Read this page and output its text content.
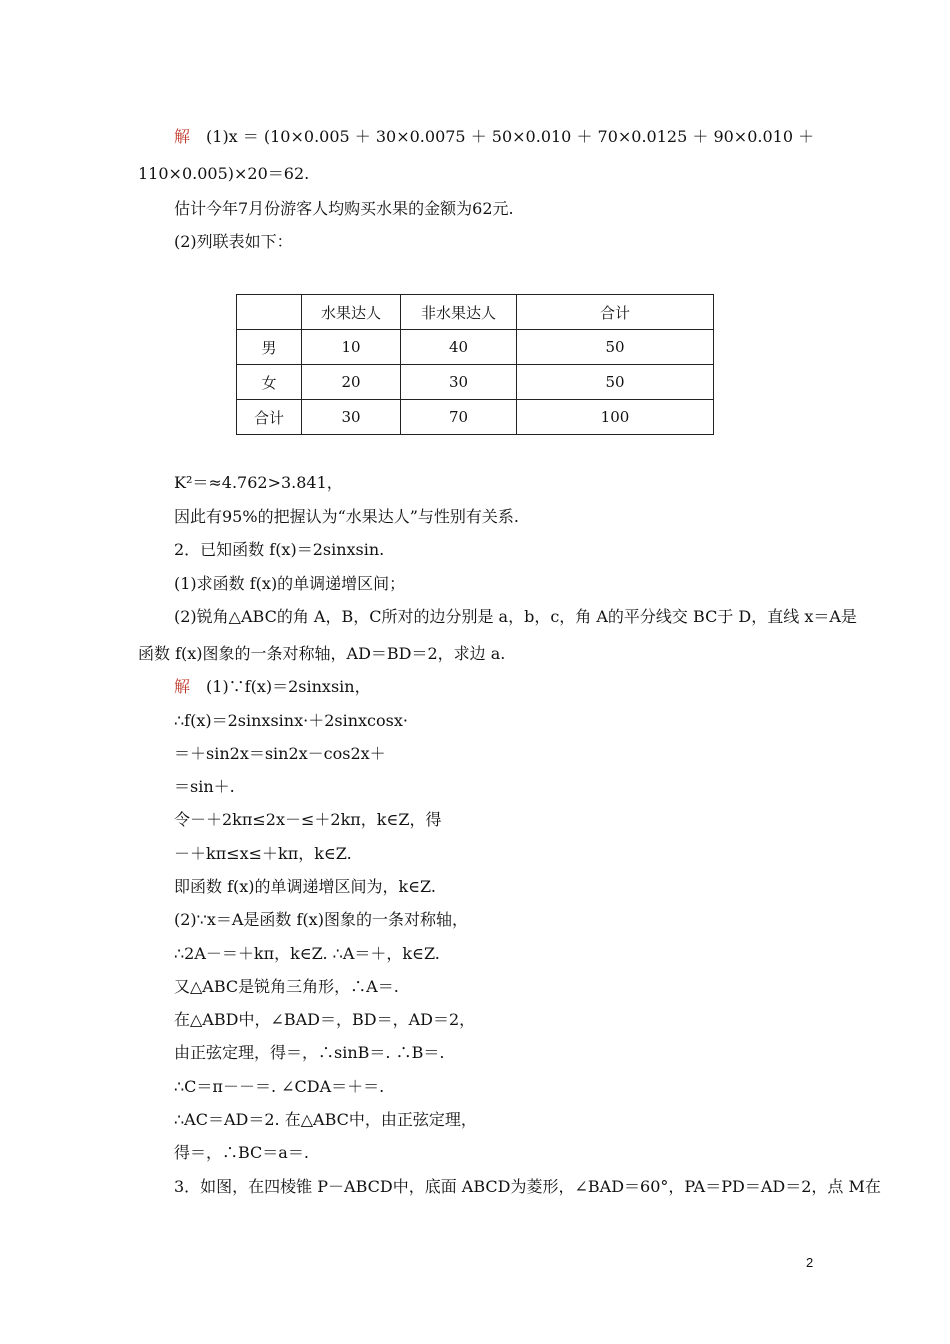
解　(1)x ＝ (10×0.005 ＋ 30×0.0075 ＋ 50×0.010 ＋ 70×0.0125 ＋ 90×0.010 ＋
110×0.005)×20＝62.
估计今年7月份游客人均购买水果的金额为62元.
(2)列联表如下：
	水果达人	非水果达人	合计
男	10	40	50
女	20	30	50
合计	30	70	100
K²＝≈4.762>3.841，
因此有95%的把握认为“水果达人”与性别有关系.
2．已知函数 f(x)＝2sinxsin.
(1)求函数 f(x)的单调递增区间；
(2)锐角△ABC的角 A，B，C所对的边分别是 a，b，c，角 A的平分线交 BC于 D，直线 x＝A是
函数 f(x)图象的一条对称轴，AD＝BD＝2，求边 a.
解　(1)∵f(x)＝2sinxsin，
∴f(x)＝2sinxsinx·＋2sinxcosx·
＝＋sin2x＝sin2x－cos2x＋
＝sin＋.
令－＋2kπ≤2x－≤＋2kπ，k∈Z，得
－＋kπ≤x≤＋kπ，k∈Z.
即函数 f(x)的单调递增区间为，k∈Z.
(2)∵x＝A是函数 f(x)图象的一条对称轴，
∴2A－＝＋kπ，k∈Z. ∴A＝＋，k∈Z.
又△ABC是锐角三角形，∴A＝.
在△ABD中，∠BAD＝，BD＝，AD＝2，
由正弦定理，得＝，∴sinB＝. ∴B＝.
∴C＝π－－＝. ∠CDA＝＋＝.
∴AC＝AD＝2. 在△ABC中，由正弦定理，
得＝，∴BC＝a＝.
3．如图，在四棱锥 P－ABCD中，底面 ABCD为菱形，∠BAD＝60°，PA＝PD＝AD＝2，点 M在
2
